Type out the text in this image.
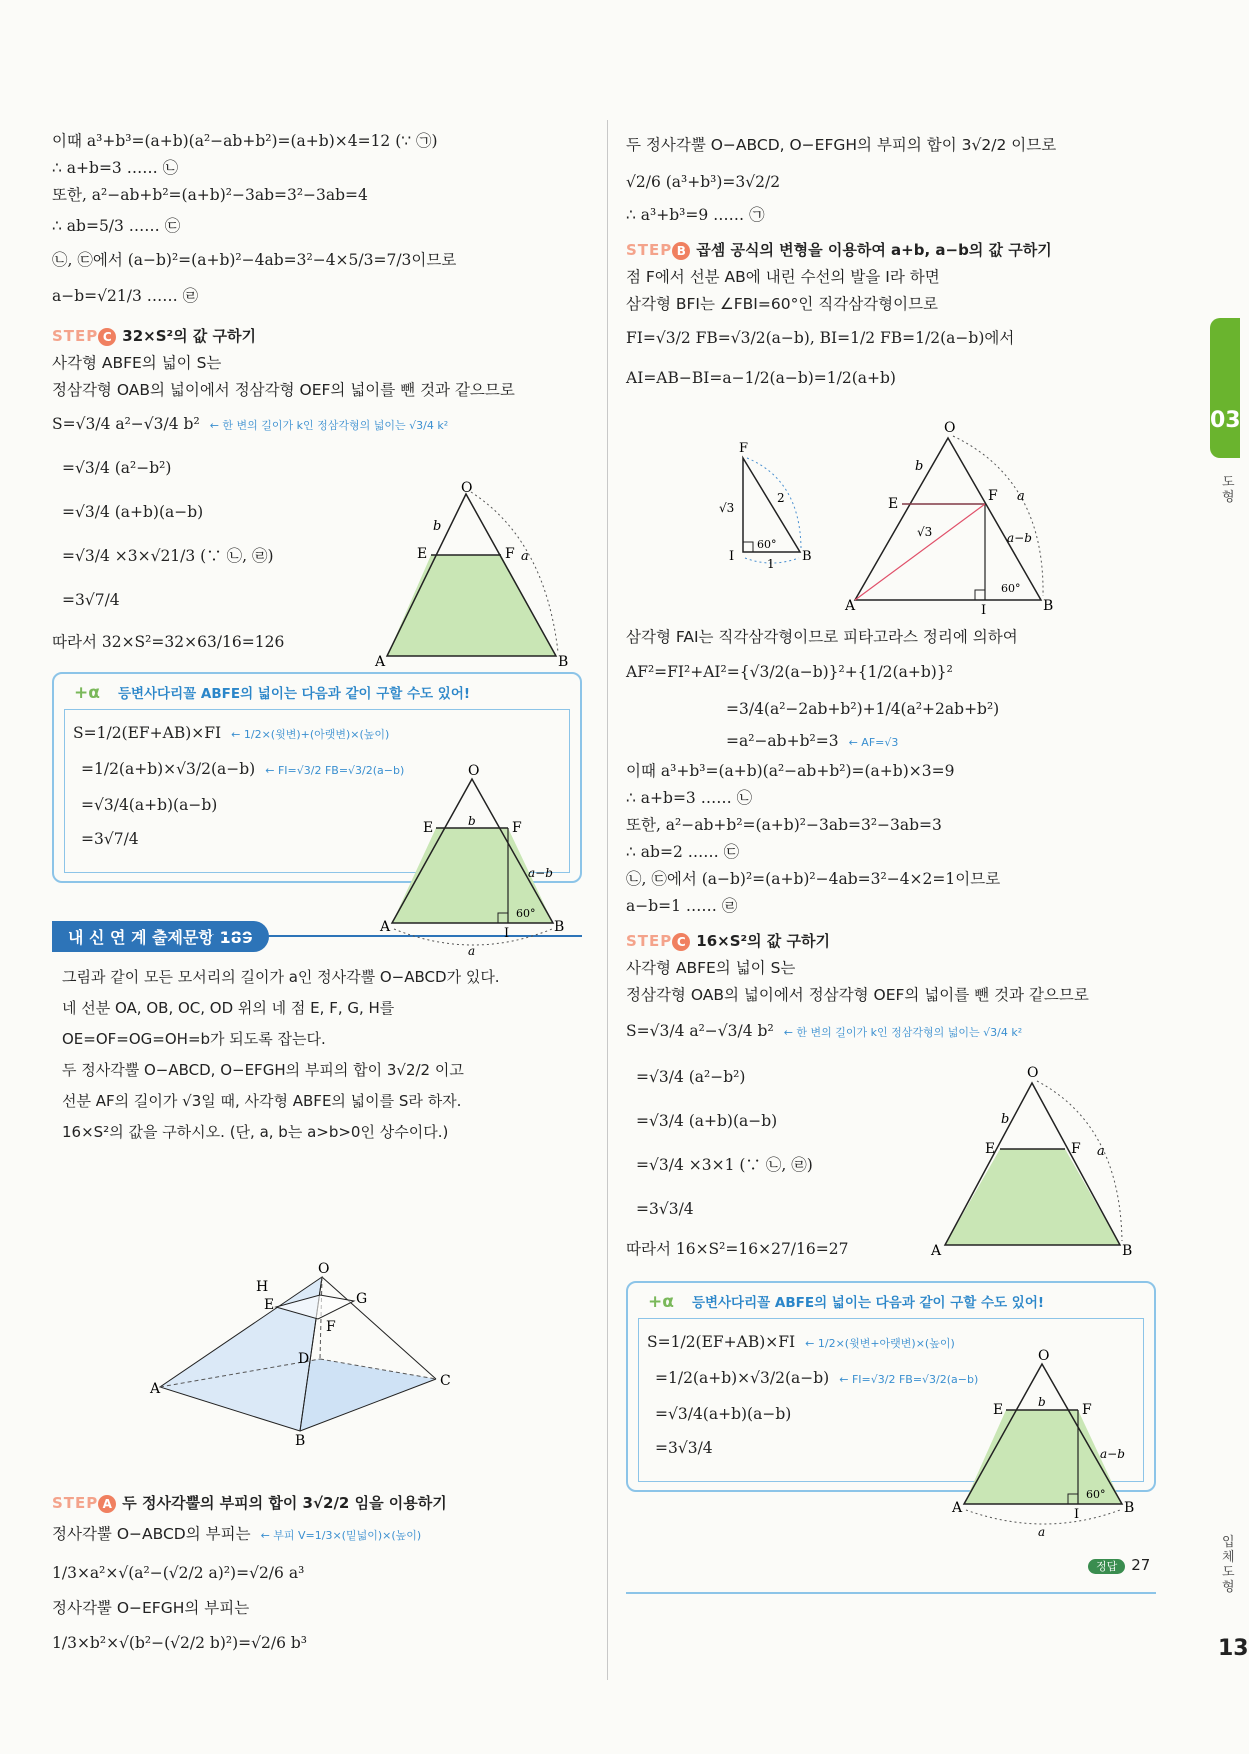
이때 a³+b³=(a+b)(a²−ab+b²)=(a+b)×4=12 (∵ ㉠)
∴ a+b=3 …… ㉡
또한, a²−ab+b²=(a+b)²−3ab=3²−3ab=4
∴ ab=5/3 …… ㉢
㉡, ㉢에서 (a−b)²=(a+b)²−4ab=3²−4×5/3=7/3이므로
a−b=√21/3 …… ㉣
STEP C 32×S²의 값 구하기
사각형 ABFE의 넓이 S는
정삼각형 OAB의 넓이에서 정삼각형 OEF의 넓이를 뺀 것과 같으므로
S=√3/4 a²−√3/4 b² ← 한 변의 길이가 k인 정삼각형의 넓이는 √3/4 k²
=√3/4 (a²−b²)
=√3/4 (a+b)(a−b)
=√3/4 ×3×√21/3 (∵ ㉡, ㉣)
=3√7/4
따라서 32×S²=32×63/16=126
+α 등변사다리꼴 ABFE의 넓이는 다음과 같이 구할 수도 있어!
S=1/2(EF+AB)×FI ← 1/2×(윗변)+(아랫변)×(높이)
=1/2(a+b)×√3/2(a−b) ← FI=√3/2 FB=√3/2(a−b)
=√3/4(a+b)(a−b)
=3√7/4
내 신 연 계 출제문항 189
그림과 같이 모든 모서리의 길이가 a인 정사각뿔 O−ABCD가 있다.
네 선분 OA, OB, OC, OD 위의 네 점 E, F, G, H를
OE=OF=OG=OH=b가 되도록 잡는다.
두 정사각뿔 O−ABCD, O−EFGH의 부피의 합이 3√2/2 이고
선분 AF의 길이가 √3일 때, 사각형 ABFE의 넓이를 S라 하자.
16×S²의 값을 구하시오. (단, a, b는 a>b>0인 상수이다.)
STEP A 두 정사각뿔의 부피의 합이 3√2/2 임을 이용하기
정사각뿔 O−ABCD의 부피는 ← 부피 V=1/3×(밑넓이)×(높이)
1/3×a²×√(a²−(√2/2 a)²)=√2/6 a³
정사각뿔 O−EFGH의 부피는
1/3×b²×√(b²−(√2/2 b)²)=√2/6 b³
O
A	B
E	F
b
a
O
A	B
E	F
I
b
a−b
60°
a
O
A
B
C
D
E
F
G
H
두 정사각뿔 O−ABCD, O−EFGH의 부피의 합이 3√2/2 이므로
√2/6 (a³+b³)=3√2/2
∴ a³+b³=9 …… ㉠
STEP B 곱셈 공식의 변형을 이용하여 a+b, a−b의 값 구하기
점 F에서 선분 AB에 내린 수선의 발을 I라 하면
삼각형 BFI는 ∠FBI=60°인 직각삼각형이므로
FI=√3/2 FB=√3/2(a−b), BI=1/2 FB=1/2(a−b)에서
AI=AB−BI=a−1/2(a−b)=1/2(a+b)
삼각형 FAI는 직각삼각형이므로 피타고라스 정리에 의하여
AF²=FI²+AI²={√3/2(a−b)}²+{1/2(a+b)}²
=3/4(a²−2ab+b²)+1/4(a²+2ab+b²)
=a²−ab+b²=3 ← AF=√3
이때 a³+b³=(a+b)(a²−ab+b²)=(a+b)×3=9
∴ a+b=3 …… ㉡
또한, a²−ab+b²=(a+b)²−3ab=3²−3ab=3
∴ ab=2 …… ㉢
㉡, ㉢에서 (a−b)²=(a+b)²−4ab=3²−4×2=1이므로
a−b=1 …… ㉣
STEP C 16×S²의 값 구하기
사각형 ABFE의 넓이 S는
정삼각형 OAB의 넓이에서 정삼각형 OEF의 넓이를 뺀 것과 같으므로
S=√3/4 a²−√3/4 b² ← 한 변의 길이가 k인 정삼각형의 넓이는 √3/4 k²
=√3/4 (a²−b²)
=√3/4 (a+b)(a−b)
=√3/4 ×3×1 (∵ ㉡, ㉣)
=3√3/4
따라서 16×S²=16×27/16=27
+α 등변사다리꼴 ABFE의 넓이는 다음과 같이 구할 수도 있어!
S=1/2(EF+AB)×FI ← 1/2×(윗변+아랫변)×(높이)
=1/2(a+b)×√3/2(a−b) ← FI=√3/2 FB=√3/2(a−b)
=√3/4(a+b)(a−b)
=3√3/4
F
I	B
√3
2
1
60°
O
A	B
E	F
I
b
a
a−b
√3
60°
O
A	B
E	F
b
a
O
A	B
E	F
I
b
a−b
60°
a
정답 27
03
도형
입체도형
13
